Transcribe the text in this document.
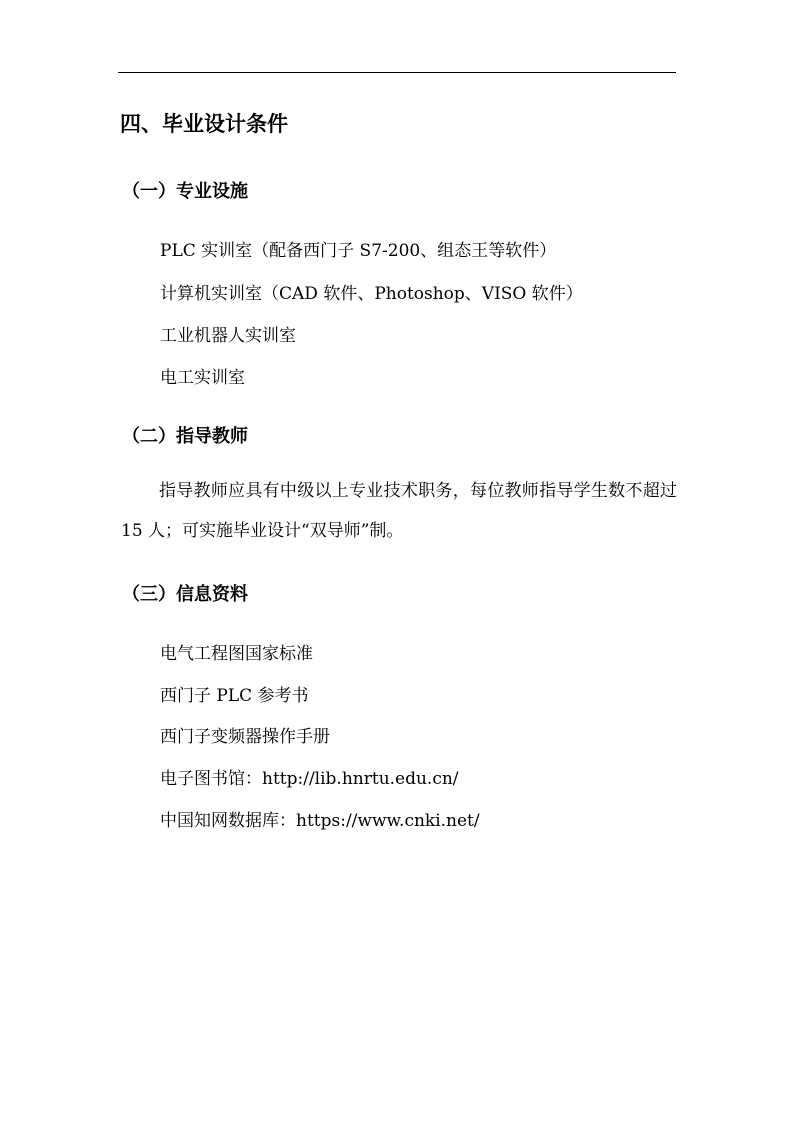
四、毕业设计条件
（一）专业设施
PLC 实训室（配备西门子 S7-200、组态王等软件）
计算机实训室（CAD 软件、Photoshop、VISO 软件）
工业机器人实训室
电工实训室
（二）指导教师
指导教师应具有中级以上专业技术职务，每位教师指导学生数不超过 15 人；可实施毕业设计“双导师”制。
（三）信息资料
电气工程图国家标准
西门子 PLC 参考书
西门子变频器操作手册
电子图书馆：http://lib.hnrtu.edu.cn/
中国知网数据库：https://www.cnki.net/
